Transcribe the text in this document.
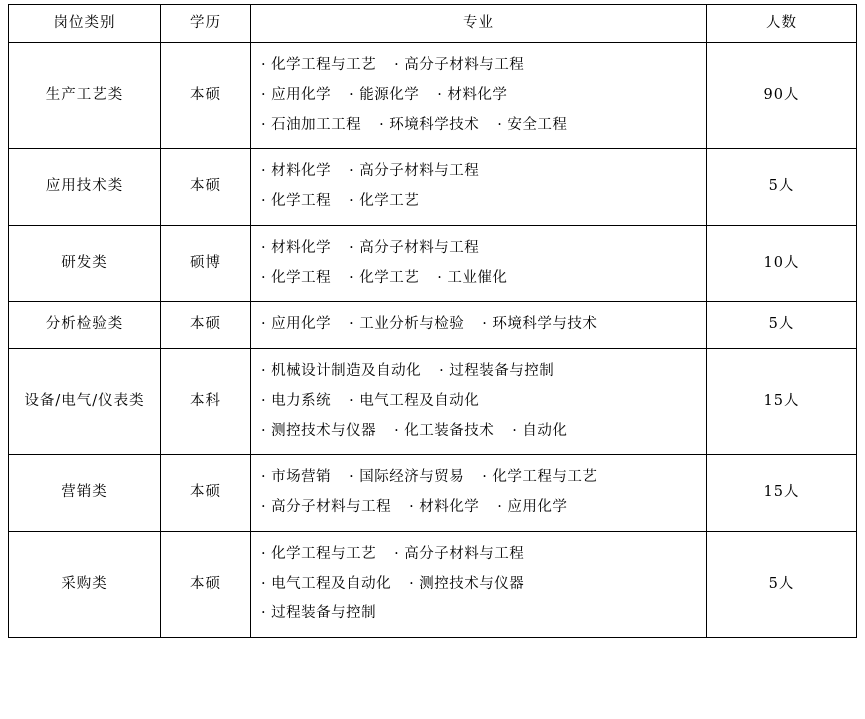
岗位类别	学历	专业	人数
生产工艺类	本硕	· 化学工程与工艺 · 高分子材料与工程
· 应用化学 · 能源化学 · 材料化学
· 石油加工工程 · 环境科学技术 · 安全工程	90人
应用技术类	本硕	· 材料化学 · 高分子材料与工程
· 化学工程 · 化学工艺	5人
研发类	硕博	· 材料化学 · 高分子材料与工程
· 化学工程 · 化学工艺 · 工业催化	10人
分析检验类	本硕	· 应用化学 · 工业分析与检验 · 环境科学与技术	5人
设备/电气/仪表类	本科	· 机械设计制造及自动化 · 过程装备与控制
· 电力系统 · 电气工程及自动化
· 测控技术与仪器 · 化工装备技术 · 自动化	15人
营销类	本硕	· 市场营销 · 国际经济与贸易 · 化学工程与工艺
· 高分子材料与工程 · 材料化学 · 应用化学	15人
采购类	本硕	· 化学工程与工艺 · 高分子材料与工程
· 电气工程及自动化 · 测控技术与仪器
· 过程装备与控制	5人
